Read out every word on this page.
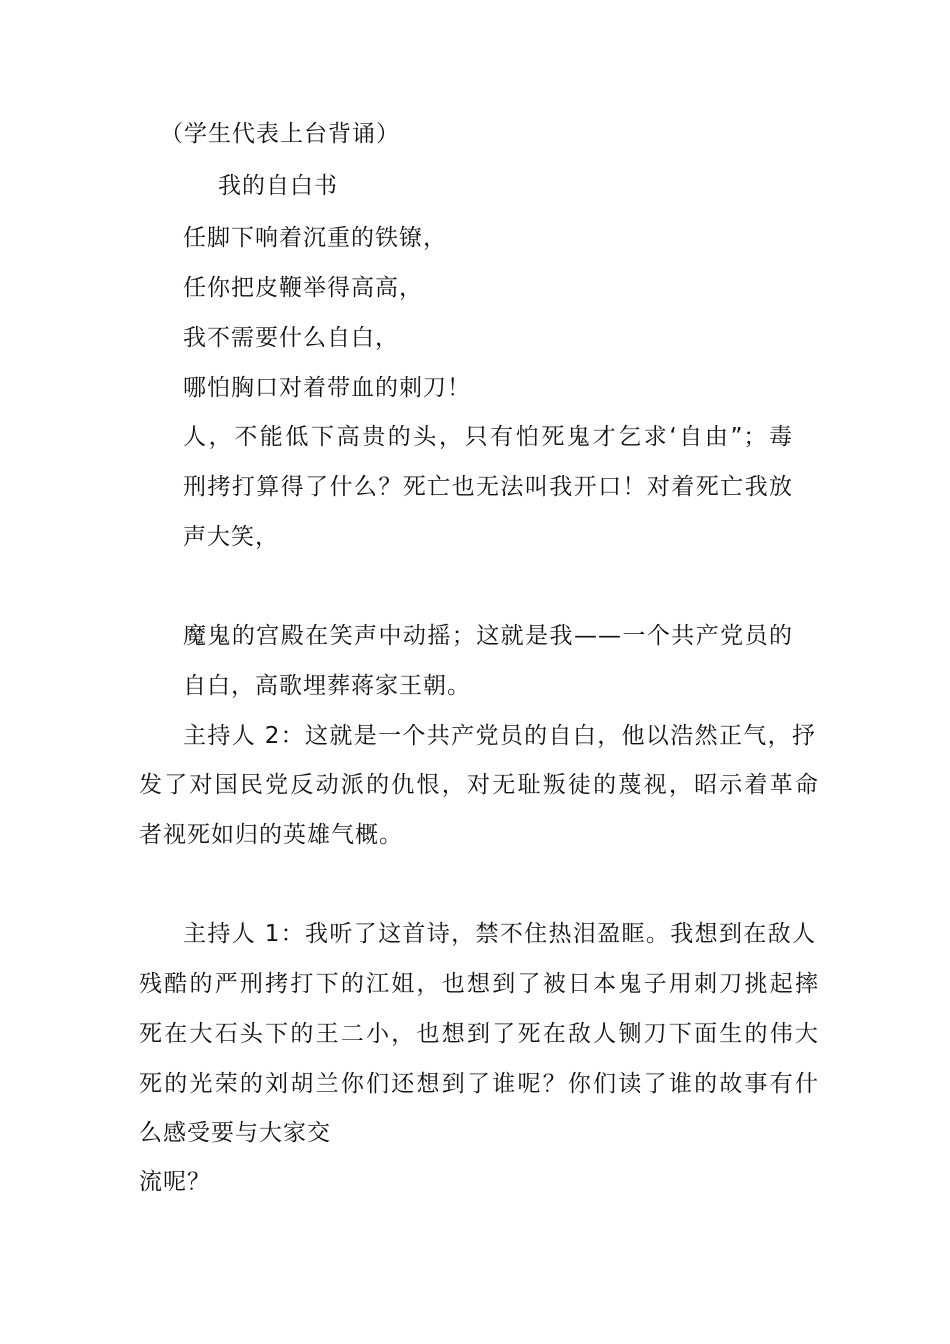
（学生代表上台背诵）
我的自白书
任脚下响着沉重的铁镣，
任你把皮鞭举得高高，
我不需要什么自白，
哪怕胸口对着带血的刺刀！
人，不能低下高贵的头，只有怕死鬼才乞求‘自由”；毒
刑拷打算得了什么？死亡也无法叫我开口！对着死亡我放
声大笑，
魔鬼的宫殿在笑声中动摇；这就是我——一个共产党员的
自白，高歌埋葬蒋家王朝。
主持人 2：这就是一个共产党员的自白，他以浩然正气，抒
发了对国民党反动派的仇恨，对无耻叛徒的蔑视，昭示着革命
者视死如归的英雄气概。
主持人 1：我听了这首诗，禁不住热泪盈眶。我想到在敌人
残酷的严刑拷打下的江姐，也想到了被日本鬼子用刺刀挑起摔
死在大石头下的王二小，也想到了死在敌人铡刀下面生的伟大
死的光荣的刘胡兰你们还想到了谁呢？你们读了谁的故事有什
么感受要与大家交
流呢？
